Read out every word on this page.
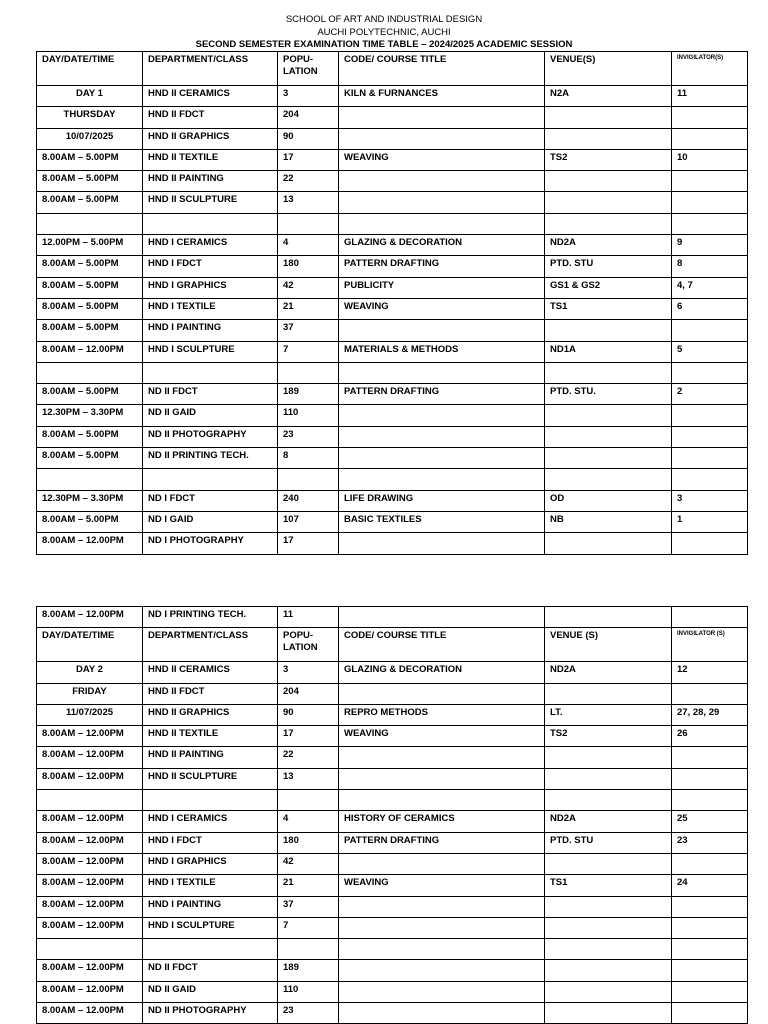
SCHOOL OF ART AND INDUSTRIAL DESIGN
AUCHI POLYTECHNIC, AUCHI
SECOND SEMESTER EXAMINATION TIME TABLE – 2024/2025 ACADEMIC SESSION
DAY/DATE/TIME	DEPARTMENT/CLASS	POPU-LATION	CODE/ COURSE TITLE	VENUE(S)	INVIGILATOR(S)
DAY 1	HND II CERAMICS	3	KILN & FURNANCES	N2A	11
THURSDAY	HND II FDCT	204			
10/07/2025	HND II GRAPHICS	90			
8.00AM – 5.00PM	HND II TEXTILE	17	WEAVING	TS2	10
8.00AM – 5.00PM	HND II PAINTING	22			
8.00AM – 5.00PM	HND II SCULPTURE	13			

12.00PM – 5.00PM	HND I CERAMICS	4	GLAZING & DECORATION	ND2A	9
8.00AM – 5.00PM	HND I FDCT	180	PATTERN DRAFTING	PTD. STU	8
8.00AM – 5.00PM	HND I GRAPHICS	42	PUBLICITY	GS1 & GS2	4, 7
8.00AM – 5.00PM	HND I TEXTILE	21	WEAVING	TS1	6
8.00AM – 5.00PM	HND I PAINTING	37			
8.00AM – 12.00PM	HND I SCULPTURE	7	MATERIALS & METHODS	ND1A	5

8.00AM – 5.00PM	ND II FDCT	189	PATTERN DRAFTING	PTD. STU.	2
12.30PM – 3.30PM	ND II GAID	110			
8.00AM – 5.00PM	ND II PHOTOGRAPHY	23			
8.00AM – 5.00PM	ND II PRINTING TECH.	8			

12.30PM – 3.30PM	ND I FDCT	240	LIFE DRAWING	OD	3
8.00AM – 5.00PM	ND I GAID	107	BASIC TEXTILES	NB	1
8.00AM – 12.00PM	ND I PHOTOGRAPHY	17			
8.00AM – 12.00PM	ND I PRINTING TECH.	11			
DAY/DATE/TIME	DEPARTMENT/CLASS	POPU-LATION	CODE/ COURSE TITLE	VENUE (S)	INVIGILATOR (S)
DAY 2	HND II CERAMICS	3	GLAZING & DECORATION	ND2A	12
FRIDAY	HND II FDCT	204			
11/07/2025	HND II GRAPHICS	90	REPRO METHODS	LT.	27, 28, 29
8.00AM – 12.00PM	HND II TEXTILE	17	WEAVING	TS2	26
8.00AM – 12.00PM	HND II PAINTING	22			
8.00AM – 12.00PM	HND II SCULPTURE	13			

8.00AM – 12.00PM	HND I CERAMICS	4	HISTORY OF CERAMICS	ND2A	25
8.00AM – 12.00PM	HND I FDCT	180	PATTERN DRAFTING	PTD. STU	23
8.00AM – 12.00PM	HND I GRAPHICS	42			
8.00AM – 12.00PM	HND I TEXTILE	21	WEAVING	TS1	24
8.00AM – 12.00PM	HND I PAINTING	37			
8.00AM – 12.00PM	HND I SCULPTURE	7			

8.00AM – 12.00PM	ND II FDCT	189			
8.00AM – 12.00PM	ND II GAID	110			
8.00AM – 12.00PM	ND II PHOTOGRAPHY	23			
